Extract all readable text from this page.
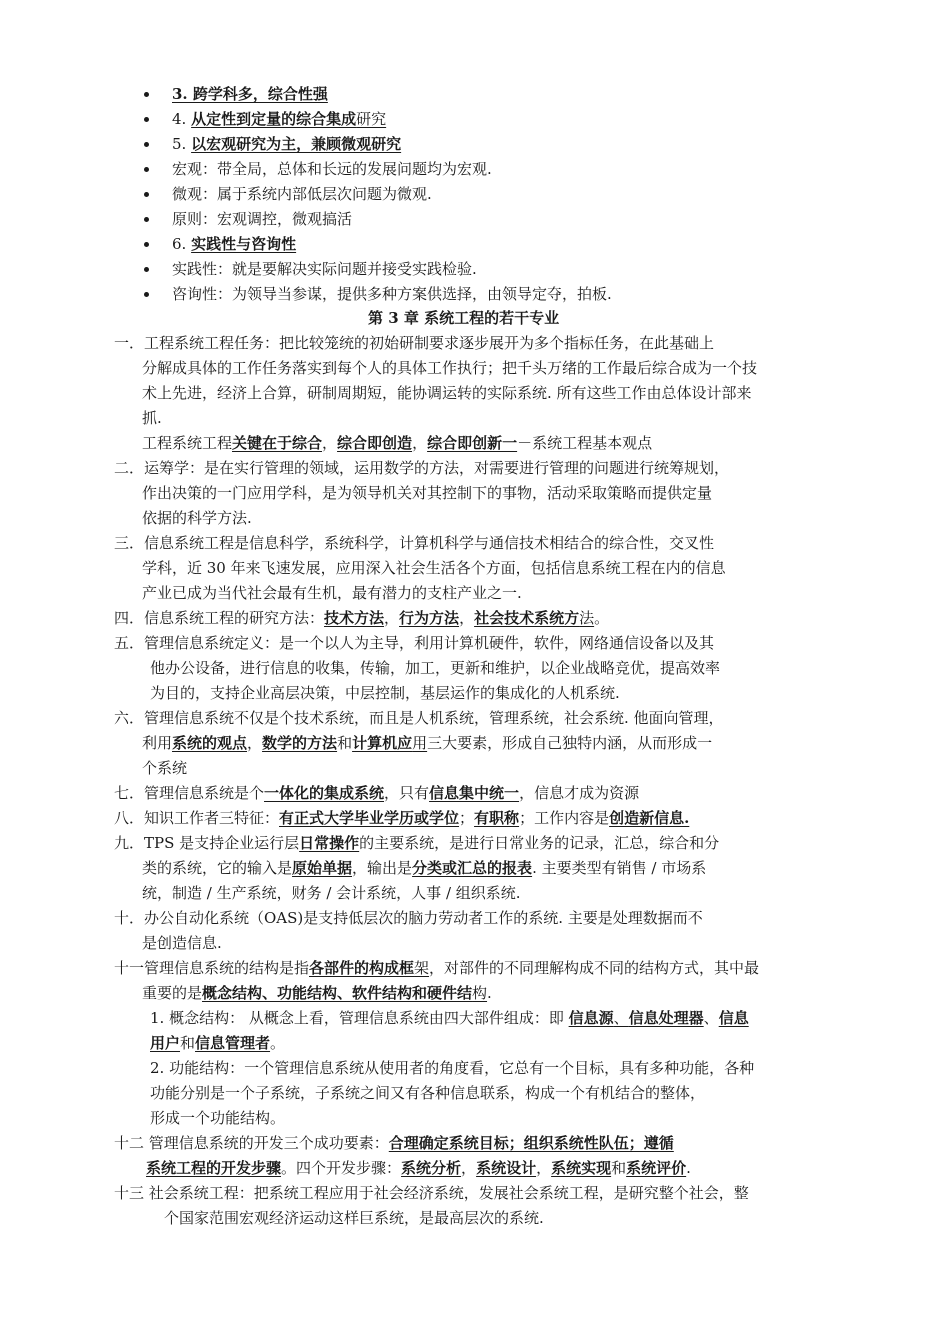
3. 跨学科多，综合性强
4. 从定性到定量的综合集成研究
5. 以宏观研究为主，兼顾微观研究
宏观：带全局，总体和长远的发展问题均为宏观.
微观：属于系统内部低层次问题为微观.
原则：宏观调控，微观搞活
6. 实践性与咨询性
实践性：就是要解决实际问题并接受实践检验.
咨询性：为领导当参谋，提供多种方案供选择，由领导定夺，拍板.
第 3 章 系统工程的若干专业
一．工程系统工程任务：把比较笼统的初始研制要求逐步展开为多个指标任务，在此基础上
分解成具体的工作任务落实到每个人的具体工作执行；把千头万绪的工作最后综合成为一个技
术上先进，经济上合算，研制周期短，能协调运转的实际系统. 所有这些工作由总体设计部来
抓.
工程系统工程关键在于综合，综合即创造，综合即创新一－系统工程基本观点
二．运筹学：是在实行管理的领域，运用数学的方法，对需要进行管理的问题进行统筹规划，
作出决策的一门应用学科，是为领导机关对其控制下的事物，活动采取策略而提供定量
依据的科学方法.
三．信息系统工程是信息科学，系统科学，计算机科学与通信技术相结合的综合性，交叉性
学科，近 30 年来飞速发展，应用深入社会生活各个方面，包括信息系统工程在内的信息
产业已成为当代社会最有生机，最有潜力的支柱产业之一.
四．信息系统工程的研究方法：技术方法，行为方法，社会技术系统方法。
五．管理信息系统定义：是一个以人为主导，利用计算机硬件，软件，网络通信设备以及其
他办公设备，进行信息的收集，传输，加工，更新和维护，以企业战略竞优，提高效率
为目的，支持企业高层决策，中层控制，基层运作的集成化的人机系统.
六．管理信息系统不仅是个技术系统，而且是人机系统，管理系统，社会系统. 他面向管理，
利用系统的观点，数学的方法和计算机应用三大要素，形成自己独特内涵，从而形成一
个系统
七．管理信息系统是个一体化的集成系统，只有信息集中统一，信息才成为资源
八．知识工作者三特征：有正式大学毕业学历或学位；有职称；工作内容是创造新信息.
九．TPS 是支持企业运行层日常操作的主要系统，是进行日常业务的记录，汇总，综合和分
类的系统，它的输入是原始单据，输出是分类或汇总的报表. 主要类型有销售 / 市场系
统，制造 / 生产系统，财务 / 会计系统，人事 / 组织系统.
十．办公自动化系统（OAS)是支持低层次的脑力劳动者工作的系统. 主要是处理数据而不
是创造信息.
十一管理信息系统的结构是指各部件的构成框架，对部件的不同理解构成不同的结构方式，其中最
重要的是概念结构、功能结构、软件结构和硬件结构.
1. 概念结构： 从概念上看，管理信息系统由四大部件组成：即 信息源、信息处理器、信息
用户和信息管理者。
2. 功能结构：一个管理信息系统从使用者的角度看，它总有一个目标，具有多种功能，各种
功能分别是一个子系统，子系统之间又有各种信息联系，构成一个有机结合的整体，
形成一个功能结构。
十二 管理信息系统的开发三个成功要素：合理确定系统目标；组织系统性队伍；遵循
系统工程的开发步骤。四个开发步骤：系统分析，系统设计，系统实现和系统评价.
十三 社会系统工程：把系统工程应用于社会经济系统，发展社会系统工程，是研究整个社会，整
个国家范围宏观经济运动这样巨系统，是最高层次的系统.
